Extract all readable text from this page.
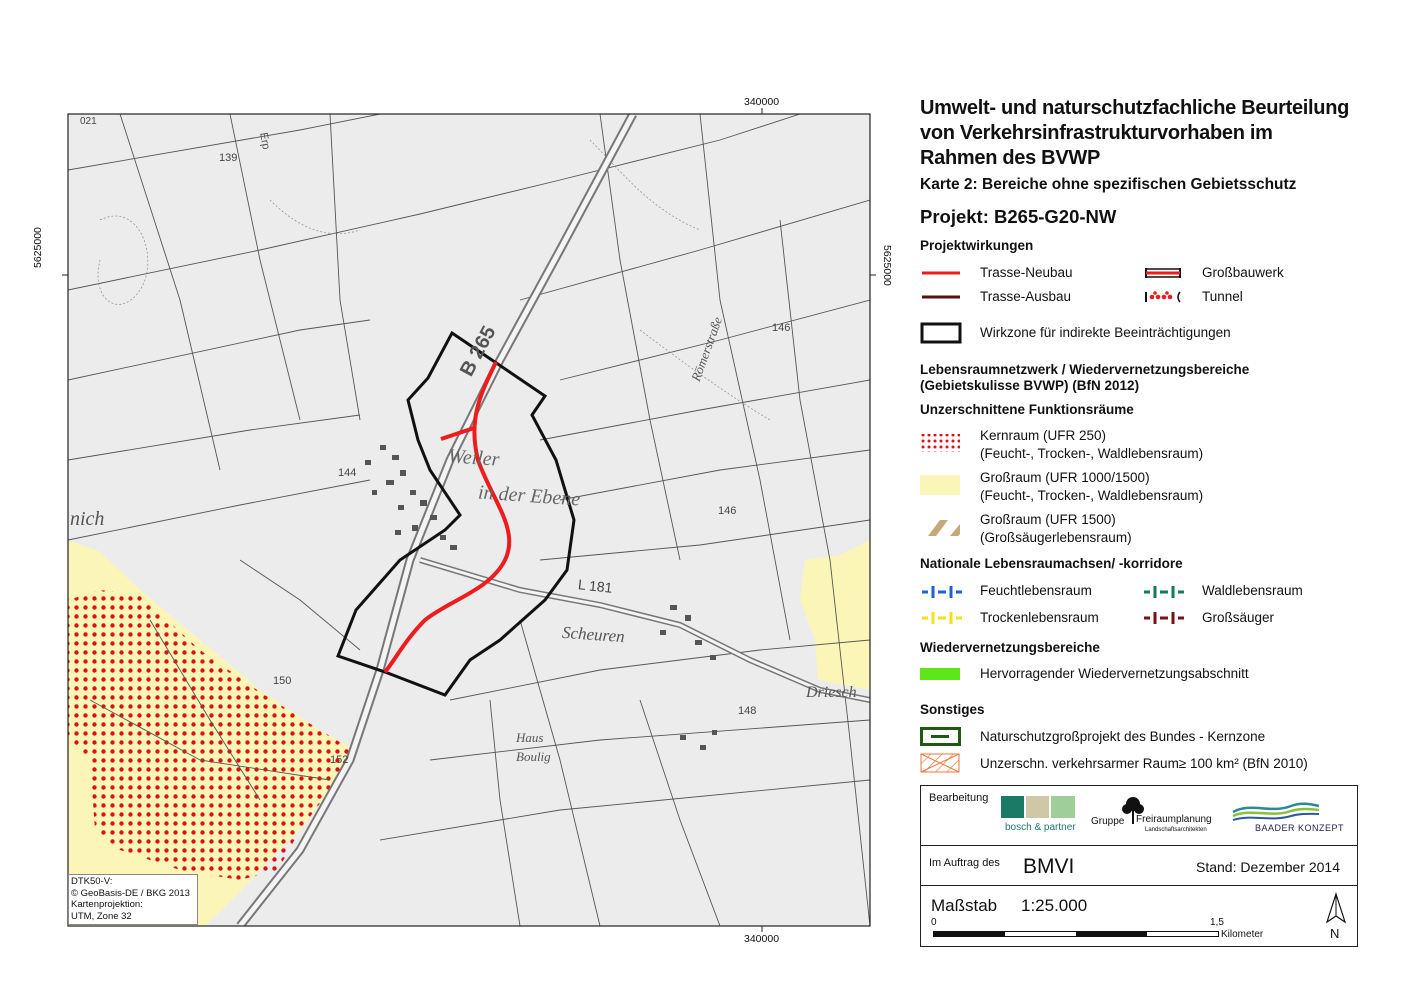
340000
340000
5625000	5625000
B 265
L 181
Weiler
in der Ebene
Scheuren
Haus
Boulig
Römerstraße
Driesch
nich
Erp
139
144
146
146
148
150
152
021
DTK50-V:
© GeoBasis-DE / BKG 2013
Kartenprojektion:
UTM, Zone 32
Umwelt- und naturschutzfachliche Beurteilung
von Verkehrsinfrastrukturvorhaben im
Rahmen des BVWP
Karte 2: Bereiche ohne spezifischen Gebietsschutz
Projekt: B265-G20-NW
Projektwirkungen
Trasse-Neubau
Trasse-Ausbau
Großbauwerk
Tunnel
Wirkzone für indirekte Beeinträchtigungen
Lebensraumnetzwerk / Wiedervernetzungsbereiche
(Gebietskulisse BVWP) (BfN 2012)
Unzerschnittene Funktionsräume
Kernraum (UFR 250)
(Feucht-, Trocken-, Waldlebensraum)
Großraum (UFR 1000/1500)
(Feucht-, Trocken-, Waldlebensraum)
Großraum (UFR 1500)
(Großsäugerlebensraum)
Nationale Lebensraumachsen/ -korridore
Feuchtlebensraum
Trockenlebensraum
Waldlebensraum
Großsäuger
Wiedervernetzungsbereiche
Hervorragender Wiedervernetzungsabschnitt
Sonstiges
Naturschutzgroßprojekt des Bundes - Kernzone
Unzerschn. verkehrsarmer Raum≥ 100 km² (BfN 2010)
Bearbeitung
bosch & partner
Gruppe Freiraumplanung
Landschaftsarchitekten	BAADER KONZEPT
Im Auftrag des BMVI	Stand: Dezember 2014
Maßstab 1:25.000
0	1,5
Kilometer	N
